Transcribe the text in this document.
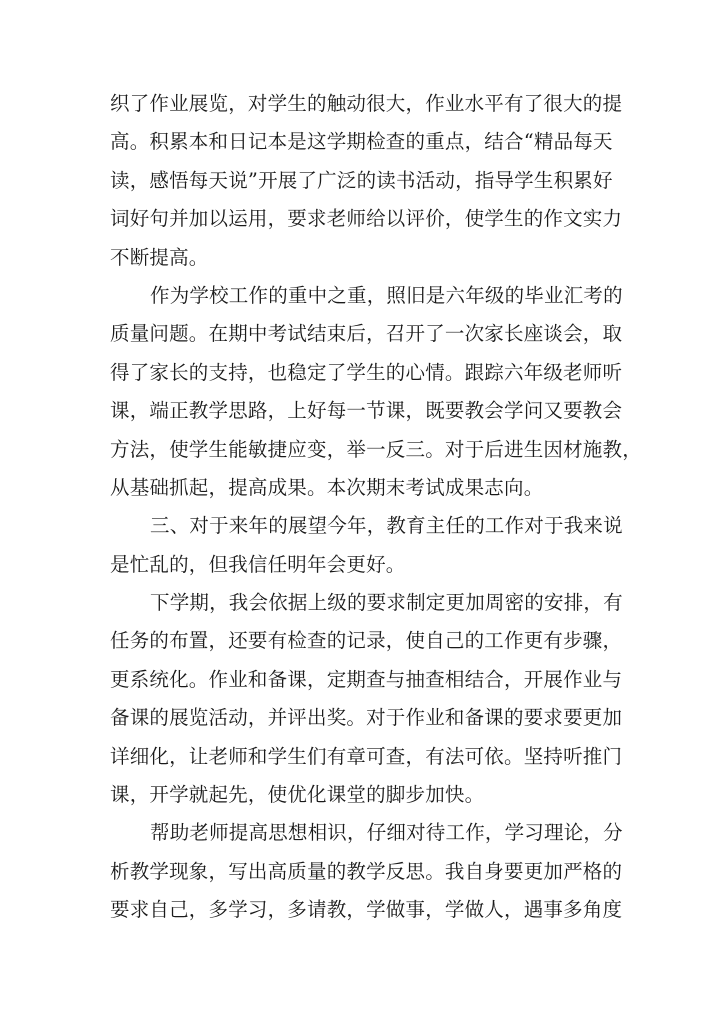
织了作业展览，对学生的触动很大，作业水平有了很大的提
高。积累本和日记本是这学期检查的重点，结合“精品每天
读，感悟每天说”开展了广泛的读书活动，指导学生积累好
词好句并加以运用，要求老师给以评价，使学生的作文实力
不断提高。
作为学校工作的重中之重，照旧是六年级的毕业汇考的
质量问题。在期中考试结束后，召开了一次家长座谈会，取
得了家长的支持，也稳定了学生的心情。跟踪六年级老师听
课，端正教学思路，上好每一节课，既要教会学问又要教会
方法，使学生能敏捷应变，举一反三。对于后进生因材施教，
从基础抓起，提高成果。本次期末考试成果志向。
三、对于来年的展望今年，教育主任的工作对于我来说
是忙乱的，但我信任明年会更好。
下学期，我会依据上级的要求制定更加周密的安排，有
任务的布置，还要有检查的记录，使自己的工作更有步骤，
更系统化。作业和备课，定期查与抽查相结合，开展作业与
备课的展览活动，并评出奖。对于作业和备课的要求要更加
详细化，让老师和学生们有章可查，有法可依。坚持听推门
课，开学就起先，使优化课堂的脚步加快。
帮助老师提高思想相识，仔细对待工作，学习理论，分
析教学现象，写出高质量的教学反思。我自身要更加严格的
要求自己，多学习，多请教，学做事，学做人，遇事多角度
